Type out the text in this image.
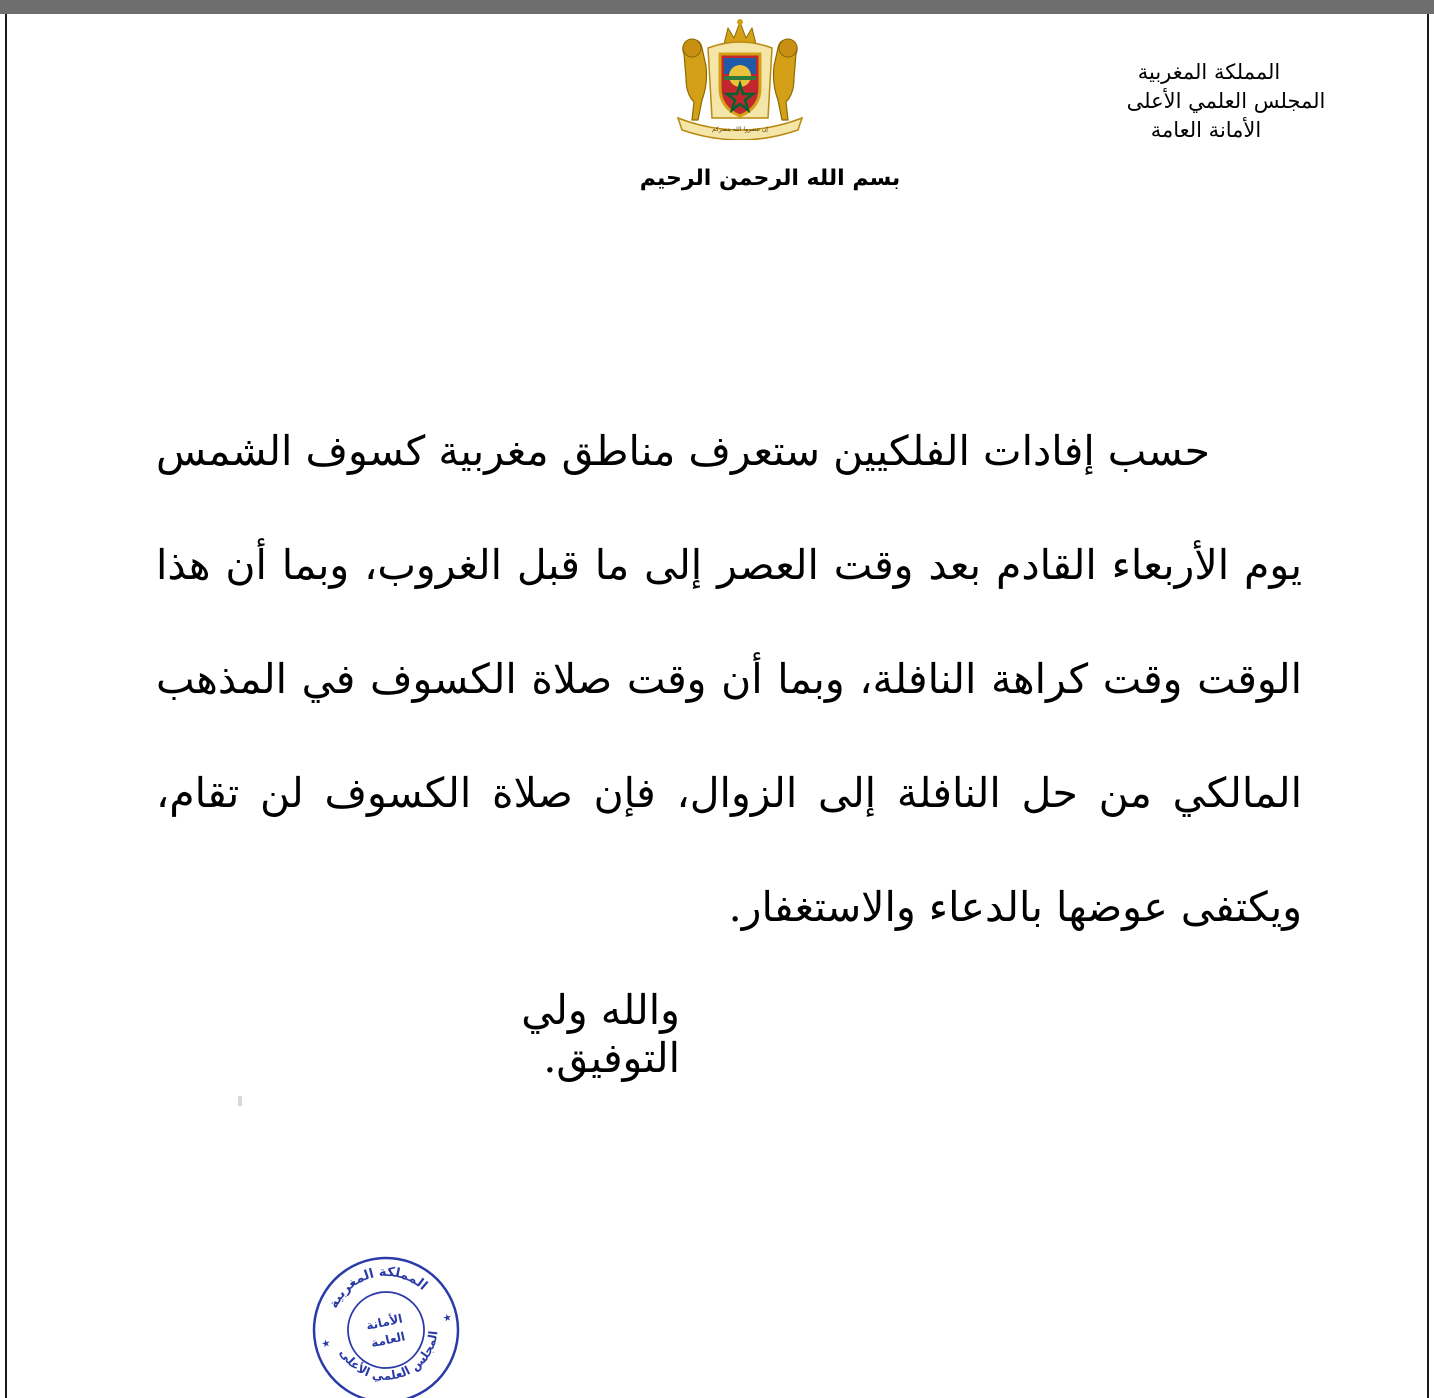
المملكة المغربية
المجلس العلمي الأعلى
الأمانة العامة
إن تنصروا الله ينصركم
بسم الله الرحمن الرحيم

حسب إفادات الفلكيين ستعرف مناطق مغربية كسوف الشمس يوم الأربعاء القادم بعد وقت العصر إلى ما قبل الغروب، وبما أن هذا الوقت وقت كراهة النافلة، وبما أن وقت صلاة الكسوف في المذهب المالكي من حل النافلة إلى الزوال، فإن صلاة الكسوف لن تقام، ويكتفى عوضها بالدعاء والاستغفار.

والله ولي التوفيق.
المملكة المغربية
المجلس العلمي الأعلى
الأمانة
العامة
★
★
